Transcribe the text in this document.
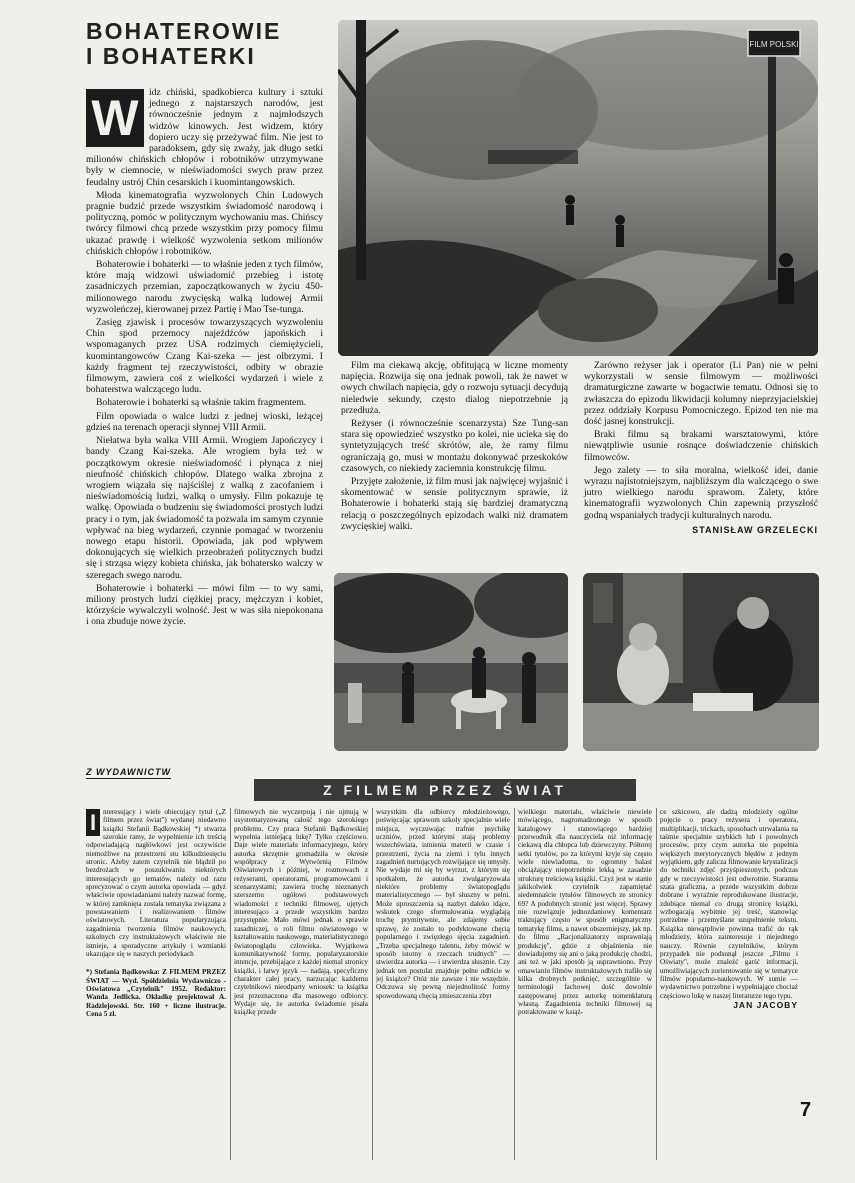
BOHATEROWIE
I BOHATERKI

W	idz chiński, spadkobierca kultury i sztuki jednego z najstarszych narodów, jest równocześnie jednym z najmłodszych widzów kinowych. Jest widzem, który dopiero uczy się przeżywać film. Nie jest to paradoksem, gdy się zważy, jak długo setki milionów chińskich chłopów i robotników utrzymywane były w ciemnocie, w nieświadomości swych praw przez feudalny ustrój Chin cesarskich i kuomintangowskich.

Młoda kinematografia wyzwolonych Chin Ludowych pragnie budzić przede wszystkim świadomość narodową i polityczną, pomóc w politycznym wychowaniu mas. Chińscy twórcy filmowi chcą przede wszystkim przy pomocy filmu ukazać prawdę i wielkość wyzwolenia setkom milionów chińskich chłopów i robotników.

Bohaterowie i bohaterki — to właśnie jeden z tych filmów, które mają widzowi uświadomić przebieg i istotę zasadniczych przemian, zapoczątkowanych w życiu 450-milionowego narodu zwycięską walką ludowej Armii wyzwoleńczej, kierowanej przez Partię i Mao Tse-tunga.

Zasięg zjawisk i procesów towarzyszących wyzwoleniu Chin spod przemocy najeźdźców japońskich i wspomaganych przez USA rodzimych ciemiężycieli, kuomintangowców Czang Kai-szeka — jest olbrzymi. I każdy fragment tej rzeczywistości, odbity w obrazie filmowym, zawiera coś z wielkości wydarzeń i wiele z bohaterstwa walczącego ludu.

Bohaterowie i bohaterki są właśnie takim fragmentem.

Film opowiada o walce ludzi z jednej wioski, leżącej gdzieś na terenach operacji słynnej VIII Armii.

Niełatwa była walka VIII Armii. Wrogiem Japończycy i bandy Czang Kai-szeka. Ale wrogiem była też w początkowym okresie nieświadomość i płynąca z niej nieufność chińskich chłopów. Dlatego walka zbrojna z wrogiem wiązała się najściślej z walką z zacofaniem i nieświadomością ludzi, walką o umysły. Film pokazuje tę walkę. Opowiada o budzeniu się świadomości prostych ludzi pracy i o tym, jak świadomość ta pozwala im samym czynnie wpływać na bieg wydarzeń, czynnie pomagać w tworzeniu nowego etapu historii. Opowiada, jak pod wpływem dokonujących się wielkich przeobrażeń politycznych budzi się i strząsa więzy kobieta chińska, jak bohatersko walczy w szeregach swego narodu.

Bohaterowie i bohaterki — mówi film — to wy sami, miliony prostych ludzi ciężkiej pracy, mężczyzn i kobiet, którzyście wywalczyli wolność. Jest w was siła niepokonana i ona zbuduje nowe życie.

FILM POLSKI

Film ma ciekawą akcję, obfitującą w liczne momenty napięcia. Rozwija się ona jednak powoli, tak że nawet w owych chwilach napięcia, gdy o rozwoju sytuacji decydują nieledwie sekundy, często dialog niepotrzebnie ją przedłuża.

Reżyser (i równocześnie scenarzysta) Sze Tung-san stara się opowiedzieć wszystko po kolei, nie ucieka się do syntetyzujących treść skrótów, ale, że ramy filmu ograniczają go, musi w montażu dokonywać przeskoków czasowych, co niekiedy zaciemnia konstrukcję filmu.

Przyjęte założenie, iż film musi jak najwięcej wyjaśnić i skomentować w sensie politycznym sprawie, iż Bohaterowie i bohaterki stają się bardziej dramatyczną relacją o poszczególnych epizodach walki niż dramatem zwycięskiej walki.

Zarówno reżyser jak i operator (Li Pan) nie w pełni wykorzystali w sensie filmowym — możliwości dramaturgiczne zawarte w bogactwie tematu. Odnosi się to zwłaszcza do epizodu likwidacji kolumny nieprzyjacielskiej przez oddziały Korpusu Pomocniczego. Epizod ten nie ma dość jasnej konstrukcji.

Braki filmu są brakami warsztatowymi, które niewątpliwie usunie rosnące doświadczenie chińskich filmowców.

Jego zalety — to siła moralna, wielkość idei, danie wyrazu najistotniejszym, najbliższym dla walczącego o swe jutro wielkiego narodu sprawom. Zalety, które kinematografii wyzwolonych Chin zapewnią przyszłość godną wspaniałych tradycji kulturalnych narodu.

STANISŁAW GRZELECKI
Z WYDAWNICTW
Z FILMEM PRZEZ ŚWIAT

I nteresujący i wiele obiecujący tytuł („Z filmem przez świat") wydanej niedawno książki Stefanii Bądkowskiej *) stwarza szerokie ramy, że wypełnienie ich treścią odpowiadającą nagłówkowi jest oczywiście niemożliwe na przestrzeni stu kilkudziesięciu stronic. Ażeby zatem czytelnik nie błądził po bezdrożach w poszukiwaniu niektórych interesujących go tematów, należy od razu sprecyzować o czym autorka opowiada — gdyż właściwie opowiadaniami należy nazwać formę, w której zamknięta została tematyka związana z powstawaniem i realizowaniem filmów oświatowych. Literatura popularyzująca zagadnienia tworzenia filmów naukowych, szkolnych czy instruktażowych właściwie nie istnieje, a sporadyczne artykuły i wzmianki ukazujące się w naszych periodykach

*) Stefania Bądkowska: Z FILMEM PRZEZ ŚWIAT — Wyd. Spółdzielnia Wydawniczo - Oświatowa „Czytelnik" 1952. Redaktor: Wanda Jedlicka. Okładkę projektował A. Radzlejowski. Str. 160 + liczne ilustracje. Cena 5 zł.

filmowych nie wyczerpują i nie ujmują w usystematyzowaną całość tego szerokiego problemu. Czy praca Stefanii Bądkowskiej wypełnia istniejącą lukę? Tylko częściowo. Daje wiele materiału informacyjnego, który autorka skrzętnie gromadziła w okresie współpracy z Wytwórnią Filmów Oświatowych i później, w rozmowach z reżyserami, operatorami, programowcami i scenarzystami; zawiera trochę nieznanych szerszemu ogółowi podstawowych wiadomości z techniki filmowej, ujętych interesująco a przede wszystkim bardzo przystępnie. Mało mówi jednak o sprawie zasadniczej, o roli filmu oświatowego w kształtowaniu naukowego, materialistycznego światopoglądu człowieka. Wyjątkowa komunikatywność formy, popularyzatorskie intencje, przebijające z każdej niemal stronicy książki, i łatwy język — nadają, specyficzny charakter całej pracy, narzucając każdemu czytelnikowi nieodparty wniosek: ta książka jest przeznaczona dla masowego odbiorcy. Wydaje się, że autorka świadomie pisała książkę przede

wszystkim dla odbiorcy młodzieżowego, poświęcając sprawom szkoły specjalnie wiele miejsca, wyczuwając trafnie psychikę uczniów, przed którymi stają problemy wszechświata, istnienia materii w czasie i przestrzeni, życia na ziemi i tylu innych zagadnień nurtujących rozwijające się umysły. Nie wydaje mi się by wyrzut, z którym się spotkałem, że autorka zwulgaryzowała niektóre problemy światopoglądu materialistycznego — był słuszny w pełni. Może uproszczenia są nazbyt daleko idące, wskutek czego sformułowania wyglądają trochę prymitywnie, ale zdajemy sobie sprawę, że zostało to podyktowane chęcią popularnego i zwięzłego ujęcia zagadnień. „Trzeba specjalnego talentu, żeby mówić w sposób istotny o rzeczach trudnych" — stwierdza autorka — i stwierdza słusznie. Czy jednak ten postulat znajduje pełne odbicie w jej książce? Otóż nie zawsze i nie wszędzie. Odczuwa się pewną niejednolitość formy spowodowaną chęcią zmieszczenia zbyt

wielkiego materiału, właściwie niewiele mówiącego, nagromadzonego w sposób katalogowy i stanowiącego bardziej przewodnik dla nauczyciela niż informację ciekawą dla chłopca lub dziewczyny. Półtorej setki tytułów, po za którymi kryje się często wiele niewiadoma, to ogromny balast obciążający niepotrzebnie lekką w zasadzie strukturę treściową książki. Czyż jest w stanie jakikolwiek czytelnik zapamiętać siedemnaście tytułów filmowych ze stronicy 69? A podobnych stronic jest więcej. Sprawy nie rozwiązuje jednozdaniowy komentarz traktujący często w sposób enigmatyczny tematykę filmu, a nawet obszerniejszy, jak np. do filmu „Racjonalizatorzy usprawniają produkcję", gdzie z objaśnienia nie dowiadujemy się ani o jaką produkcję chodzi, ani też w jaki sposób ją usprawniono. Przy omawianiu filmów instruktażowych trafiło się kilka drobnych potknięć, szczególnie w terminologii fachowej dość dowolnie zastępowanej przez autorkę nomenklaturą własną. Zagadnienia techniki filmowej są potraktowane w książ-

ce szkicowo, ale dadzą młodzieży ogólne pojęcie o pracy reżysera i operatora, multiplikacji, trickach, sposobach utrwalania na taśmie specjalnie szybkich lub i powolnych procesów, przy czym autorka nie popełnia większych merytorycznych błędów z jednym wyjątkiem, gdy zalicza filmowanie krystalizacji do techniki zdjęć przyśpieszonych, podczas gdy w rzeczywistości jest odwrotnie. Staranna szata graficzna, a przede wszystkim dobrze dobrane i wyraźnie reprodukowane ilustracje, zdobiące niemal co drugą stronicę książki, wzbogacają wybitnie jej treść, stanowiąc potrzebne i przemyślane uzupełnienie tekstu. Książka niewątpliwie powinna trafić do rąk młodzieży, która zainteresuje i niejednego nauczy. Równie czytelników, którym przypadek nie podsunął jeszcze „Filmu i Oświaty", może znaleźć garść informacji, umożliwiających zorientowanie się w tematyce filmów popularno-naukowych. W sumie — wydawnictwo potrzebne i wypełniające chociaż częściowo lukę w naszej literaturze tego typu.

JAN JACOBY
7
